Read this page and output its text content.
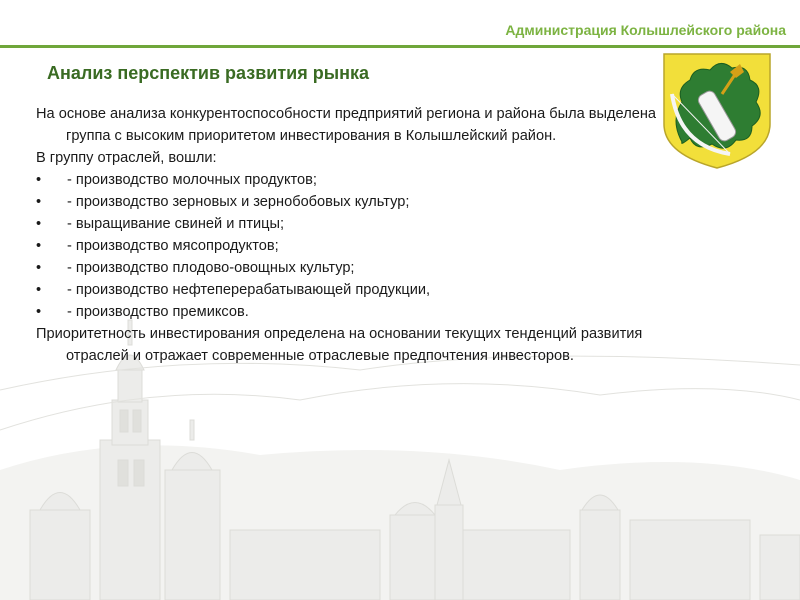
Администрация Колышлейского района
Анализ перспектив развития рынка

На основе анализа конкурентоспособности предприятий региона и района была выделена группа с высоким приоритетом инвестирования в Колышлейский район.

В группу отраслей, вошли:

• - производство молочных продуктов;
• - производство зерновых и зернобобовых культур;
• - выращивание свиней и птицы;
• - производство мясопродуктов;
• - производство плодово-овощных культур;
• - производство нефтеперерабатывающей продукции,
• - производство премиксов.

Приоритетность инвестирования определена на основании текущих тенденций развития отраслей и отражает современные отраслевые предпочтения инвесторов.
